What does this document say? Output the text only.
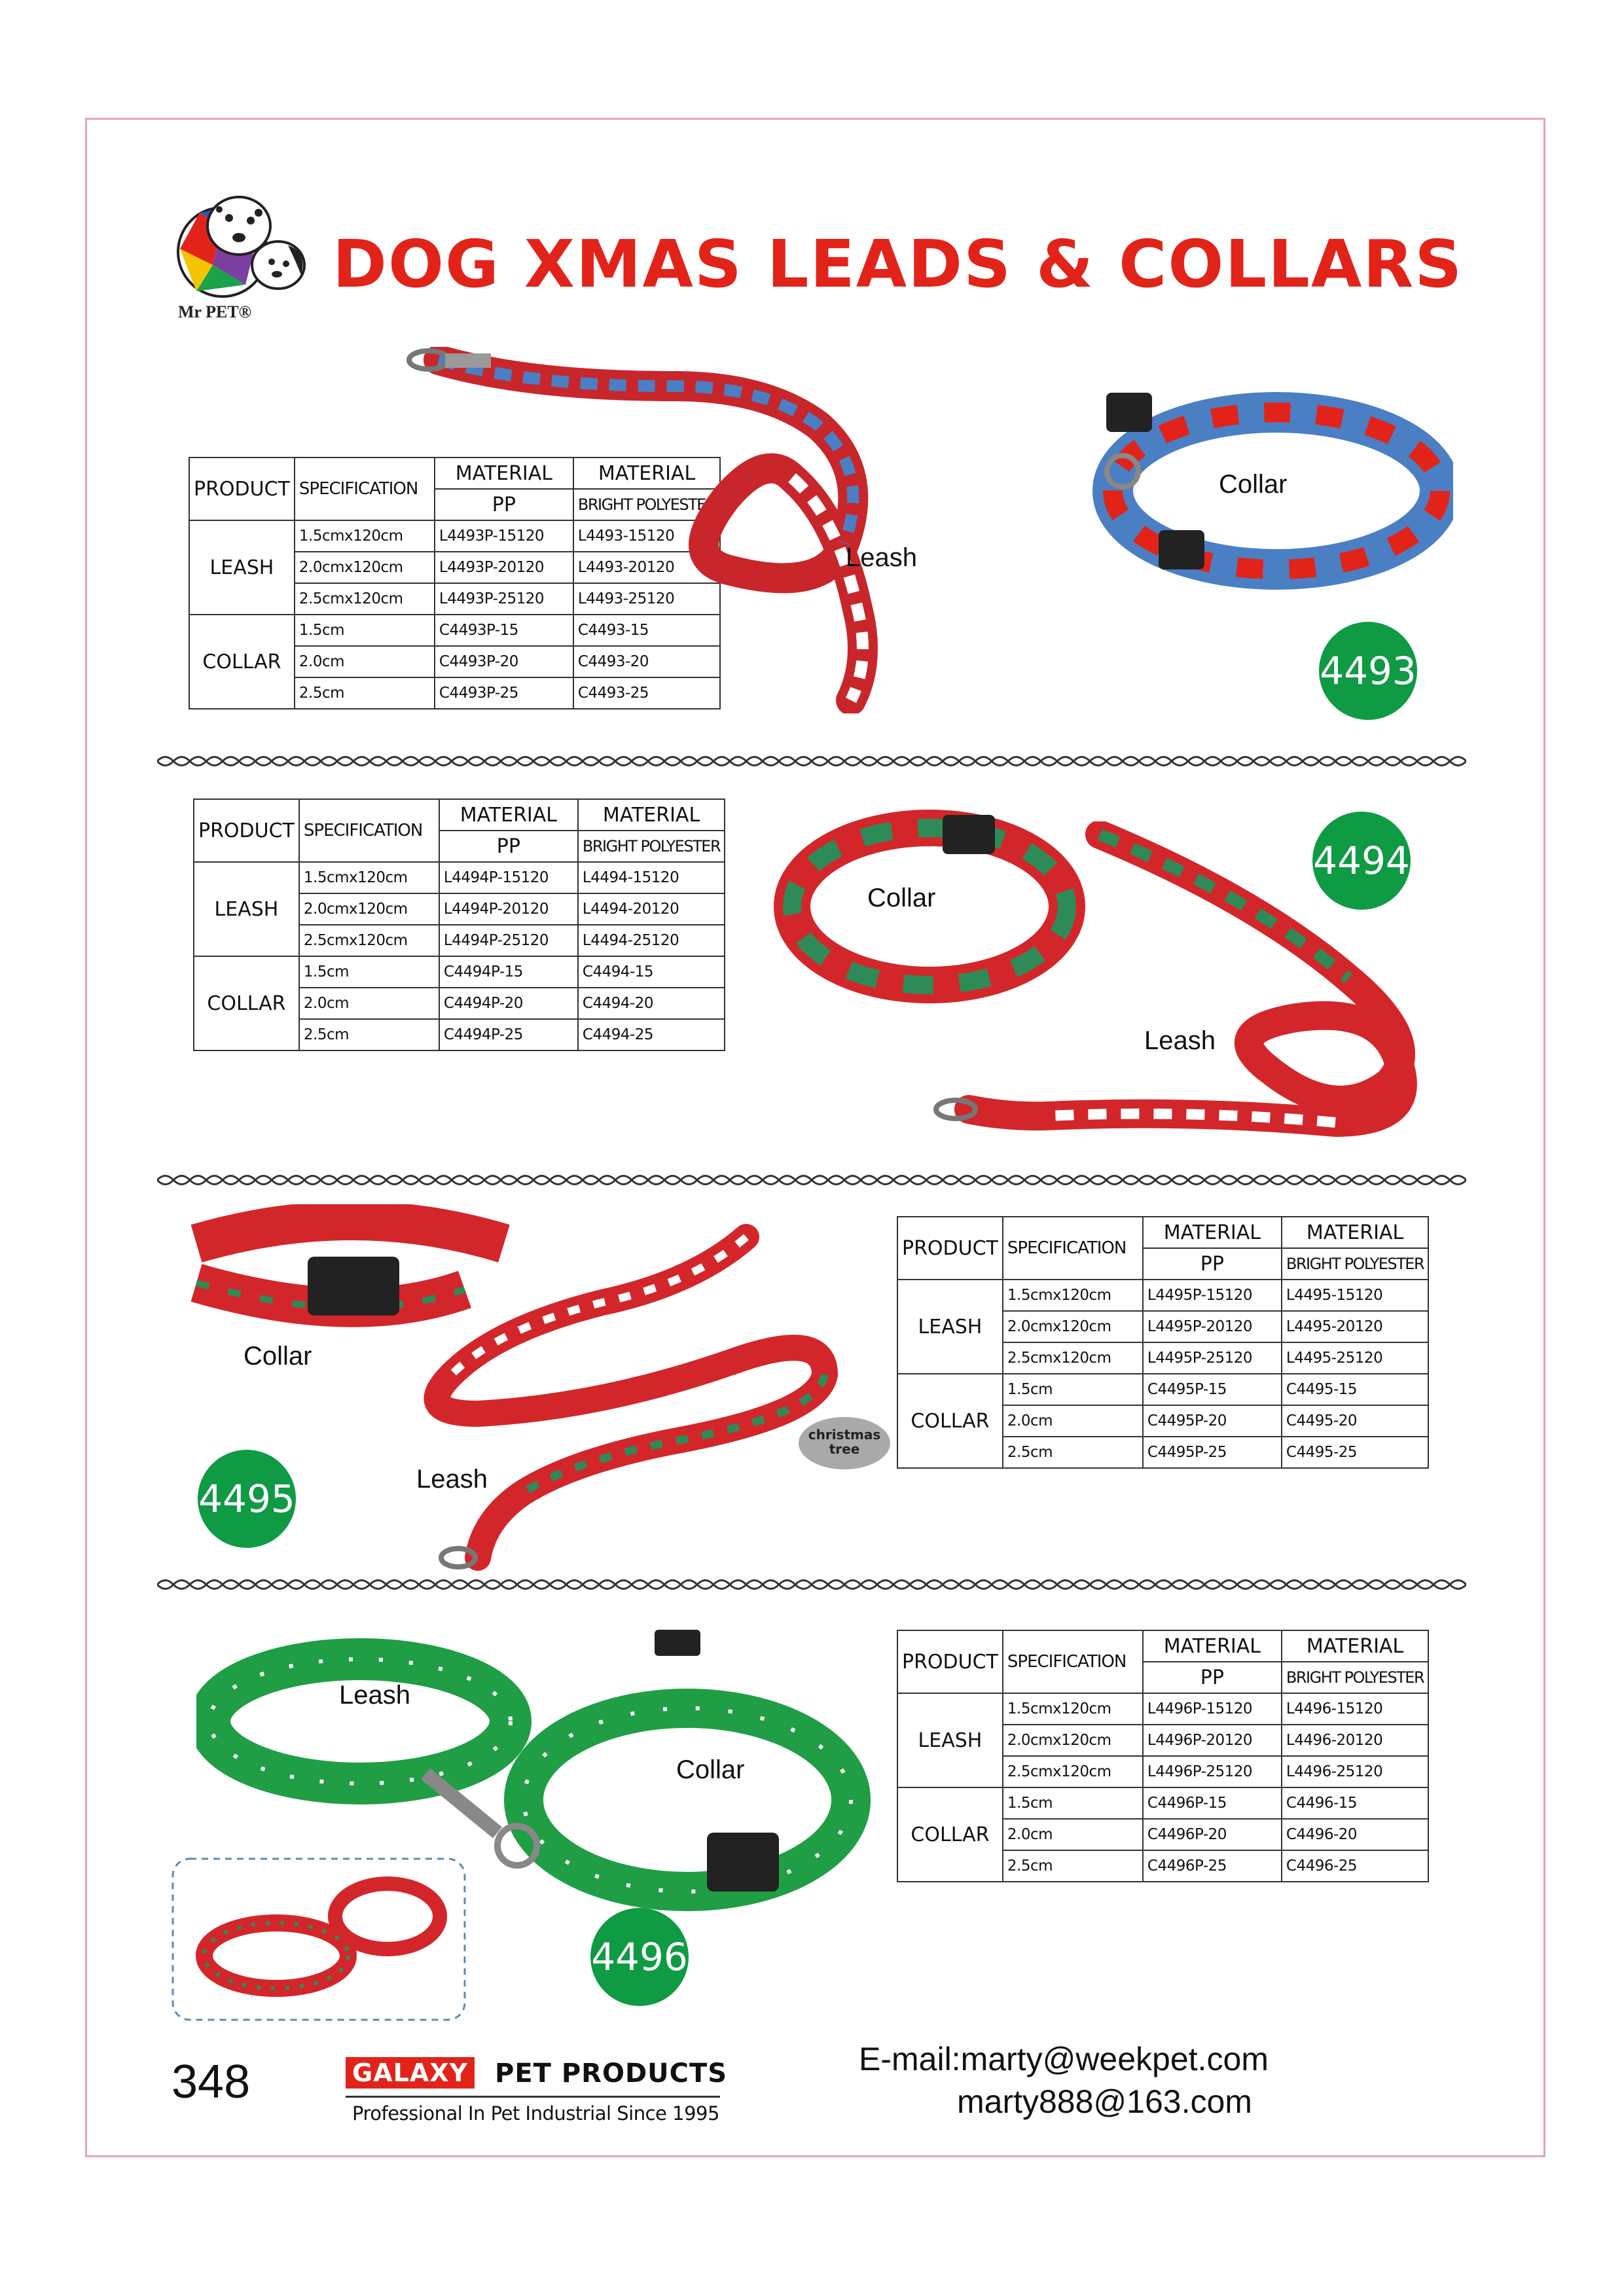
Mr PET®
DOG XMAS LEADS & COLLARS
PRODUCT	SPECIFICATION	MATERIAL	MATERIAL
		PP	BRIGHT POLYESTER
LEASH	1.5cmx120cm	L4493P-15120	L4493-15120
	2.0cmx120cm	L4493P-20120	L4493-20120
	2.5cmx120cm	L4493P-25120	L4493-25120
COLLAR	1.5cm	C4493P-15	C4493-15
	2.0cm	C4493P-20	C4493-20
	2.5cm	C4493P-25	C4493-25
Leash
Collar
4493
PRODUCT	SPECIFICATION	MATERIAL	MATERIAL
		PP	BRIGHT POLYESTER
LEASH	1.5cmx120cm	L4494P-15120	L4494-15120
	2.0cmx120cm	L4494P-20120	L4494-20120
	2.5cmx120cm	L4494P-25120	L4494-25120
COLLAR	1.5cm	C4494P-15	C4494-15
	2.0cm	C4494P-20	C4494-20
	2.5cm	C4494P-25	C4494-25
Collar
Leash
4494
Collar
Leash
christmas tree
4495
PRODUCT	SPECIFICATION	MATERIAL	MATERIAL
		PP	BRIGHT POLYESTER
LEASH	1.5cmx120cm	L4495P-15120	L4495-15120
	2.0cmx120cm	L4495P-20120	L4495-20120
	2.5cmx120cm	L4495P-25120	L4495-25120
COLLAR	1.5cm	C4495P-15	C4495-15
	2.0cm	C4495P-20	C4495-20
	2.5cm	C4495P-25	C4495-25
Leash
Collar
4496
PRODUCT	SPECIFICATION	MATERIAL	MATERIAL
		PP	BRIGHT POLYESTER
LEASH	1.5cmx120cm	L4496P-15120	L4496-15120
	2.0cmx120cm	L4496P-20120	L4496-20120
	2.5cmx120cm	L4496P-25120	L4496-25120
COLLAR	1.5cm	C4496P-15	C4496-15
	2.0cm	C4496P-20	C4496-20
	2.5cm	C4496P-25	C4496-25
348	GALAXY PET PRODUCTS
Professional In Pet Industrial Since 1995
E-mail:marty@weekpet.com
marty888@163.com
